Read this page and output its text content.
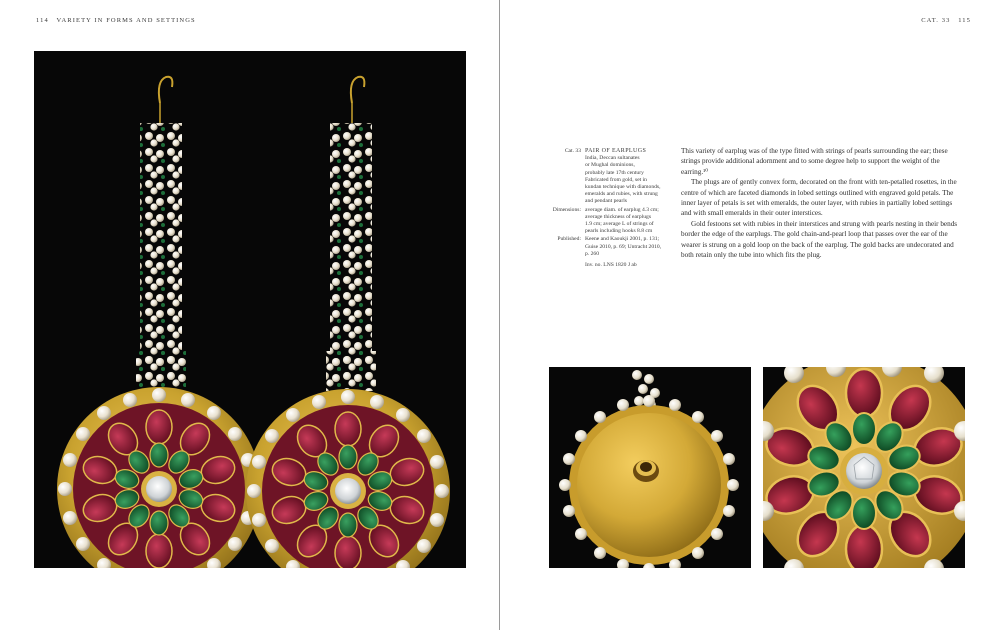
114 VARIETY IN FORMS AND SETTINGS	CAT. 33 115
Cat. 33 PAIR OF EARPLUGS
India, Deccan sultanates
or Mughal dominions,
probably late 17th century
Fabricated from gold, set in
kundan technique with diamonds,
emeralds and rubies, with strung
and pendant pearls
Dimensions: average diam. of earplug 4.3 cm;
average thickness of earplugs
1.9 cm; average L of strings of
pearls including hooks 8.8 cm
Published: Keene and Kaoukji 2001, p. 131;
Guise 2010, p. 69; Untracht 2010,
p. 260
Inv. no. LNS 1820 J ab

This variety of earplug was of the type fitted with strings of pearls surrounding the ear; these strings provide additional adornment and to some degree help to support the weight of the earring.¹⁰

The plugs are of gently convex form, decorated on the front with ten-petalled rosettes, in the centre of which are faceted diamonds in lobed settings outlined with engraved gold petals. The inner layer of petals is set with emeralds, the outer layer, with rubies in partially lobed settings and with small emeralds in their outer interstices.

Gold festoons set with rubies in their interstices and strung with pearls nesting in their bends border the edge of the earplugs. The gold chain-and-pearl loop that passes over the ear of the wearer is strung on a gold loop on the back of the earplug. The gold backs are undecorated and both retain only the tube into which fits the plug.
